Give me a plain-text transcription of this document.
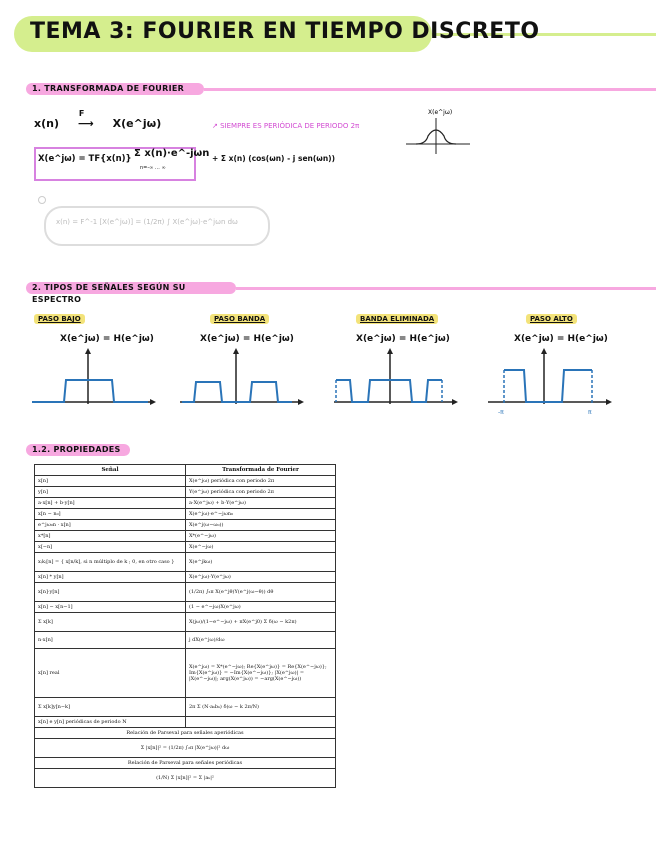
TEMA 3: FOURIER EN TIEMPO DISCRETO
1. TRANSFORMADA DE FOURIER
x(n)
F
⟶ X(e^jω)	↗ SIEMPRE ES PERIÓDICA DE PERIODO 2π
X(e^jω) = TF{x(n)} Σ x(n)·e^-jωn
n=-∞ … ∞
+ Σ x(n) (cos(ωn) - j sen(ωn))
X(e^jω)
x(n) = F^-1 [X(e^jω)] = (1/2π) ∫ X(e^jω)·e^jωn dω
2. TIPOS DE SEÑALES SEGÚN SU ESPECTRO
PASO BAJO	PASO BANDA	BANDA ELIMINADA	PASO ALTO
X(e^jω) = H(e^jω)	X(e^jω) = H(e^jω)	X(e^jω) = H(e^jω)	X(e^jω) = H(e^jω)
-π	π
1.2. PROPIEDADES
Señal	Transformada de Fourier
x[n]	X(e^jω) periódica con periodo 2π
y[n]	Y(e^jω) periódica con periodo 2π
a·x[n] + b·y[n]	a·X(e^jω) + b·Y(e^jω)
x[n − n₀]	X(e^jω)·e^−jωn₀
e^jω₀n · x[n]	X(e^j(ω−ω₀))
x*[n]	X*(e^−jω)
x[−n]	X(e^−jω)
x₍k₎[n] = { x[n/k], si n múltiplo de k ; 0, en otro caso }	X(e^jkω)
x[n] * y[n]	X(e^jω)·Y(e^jω)
x[n]·y[n]	(1/2π) ∫₂π X(e^jθ)Y(e^j(ω−θ)) dθ
x[n] − x[n−1]	(1 − e^−jω)X(e^jω)
Σ x[k]	X(jω)/(1−e^−jω) + πX(e^j0) Σ δ(ω − k2π)
n·x[n]	j dX(e^jω)/dω
x[n] real	X(e^jω) = X*(e^−jω); Re{X(e^jω)} = Re{X(e^−jω)}; Im{X(e^jω)} = −Im{X(e^−jω)}; |X(e^jω)| = |X(e^−jω)|; arg(X(e^jω)) = −arg(X(e^−jω))
Σ x[k]y[n−k]	2π Σ (N·aₖbₖ) δ(ω − k 2π/N)
x[n] e y[n] periódicas de periodo N	
Relación de Parseval para señales aperiódicas	
Σ |x[n]|² = (1/2π) ∫₂π |X(e^jω)|² dω	
Relación de Parseval para señales periódicas	
(1/N) Σ |x[n]|² = Σ |aₖ|²	
